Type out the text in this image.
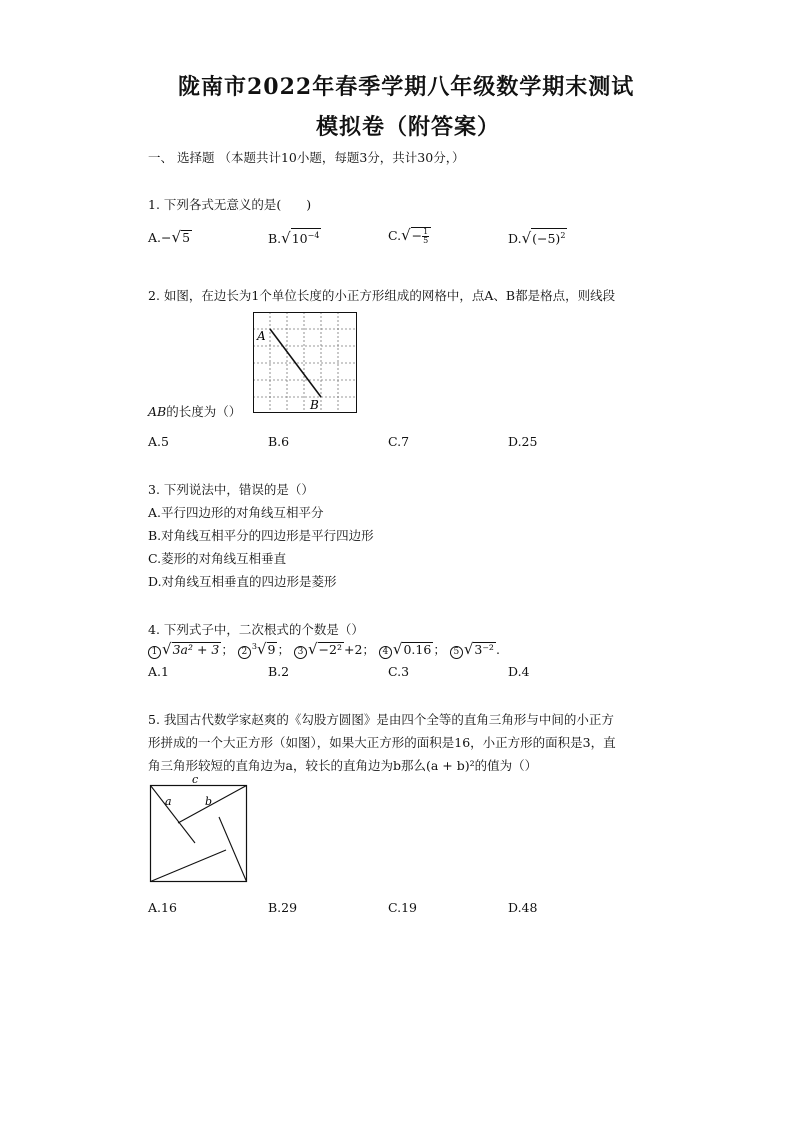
陇南市2022年春季学期八年级数学期末测试
模拟卷（附答案）
一、 选择题 （本题共计10小题，每题3分，共计30分，）
1. 下列各式无意义的是(　　)
A.−√5	$B.√10^{-4}$	$C.√- \frac{1}{5}$	$D.√(-5)^2$
2. 如图，在边长为1个单位长度的小正方形组成的网格中，点A、B都是格点，则线段
A
B
AB的长度为（）
A.5	B.6	C.7	D.25
3. 下列说法中，错误的是（）
A.平行四边形的对角线互相平分
B.对角线互相平分的四边形是平行四边形
C.菱形的对角线互相垂直
D.对角线互相垂直的四边形是菱形
4. 下列式子中，二次根式的个数是（）
1 √3a² + 3 ； $2^3√9$ ； 3 √−2² +2； 4 √0.16 ； 5 √3⁻² .
A.1	B.2	C.3	D.4
5. 我国古代数学家赵爽的《勾股方圆图》是由四个全等的直角三角形与中间的小正方
形拼成的一个大正方形（如图），如果大正方形的面积是16，小正方形的面积是3，直
角三角形较短的直角边为a，较长的直角边为b那么(a + b)²的值为（）
c
a	b
A.16	B.29	C.19	D.48
